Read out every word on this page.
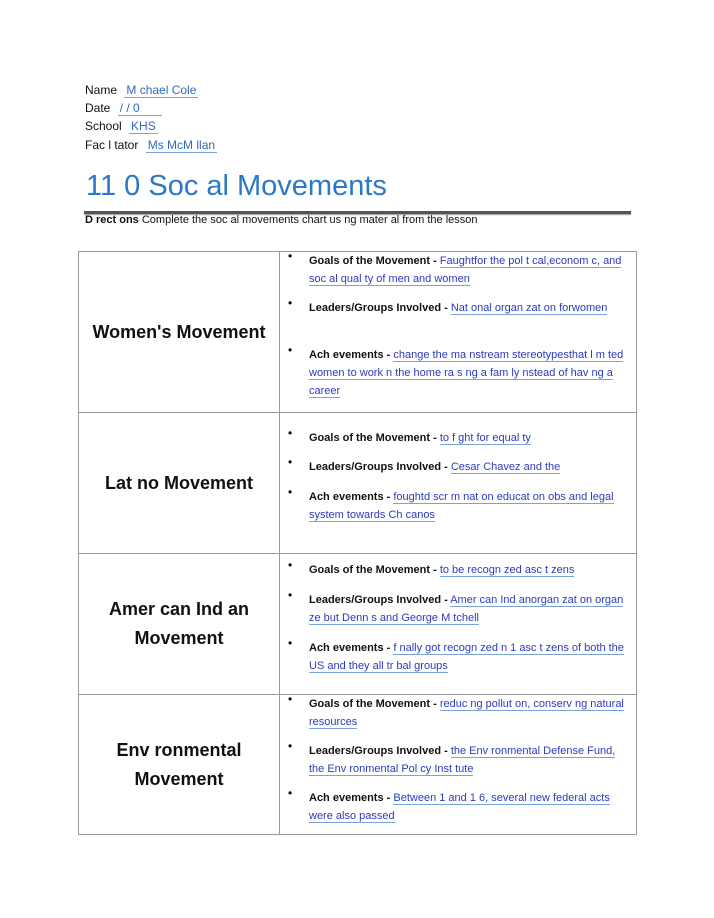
Name M chael Cole
Date / / 0
School KHS
Fac l tator Ms McM llan
11 0 Soc al Movements
D rect ons Complete the soc al movements chart us ng mater al from the lesson
Women's Movement
• Goals of the Movement - Faughtfor the pol t cal,econom c, and soc al qual ty of men and women
• Leaders/Groups Involved - Nat onal organ zat on forwomen
• Ach evements - change the ma nstream stereotypesthat l m ted women to work n the home ra s ng a fam ly nstead of hav ng a career
Lat no Movement
• Goals of the Movement - to f ght for equal ty
• Leaders/Groups Involved - Cesar Chavez and the
• Ach evements - foughtd scr m nat on educat on obs and legal system towards Ch canos
Amer can Ind an
Movement
• Goals of the Movement - to be recogn zed asc t zens
• Leaders/Groups Involved - Amer can Ind anorgan zat on organ ze but Denn s and George M tchell
• Ach evements - f nally got recogn zed n 1 asc t zens of both the US and they all tr bal groups
Env ronmental
Movement
• Goals of the Movement - reduc ng pollut on, conserv ng natural resources
• Leaders/Groups Involved - the Env ronmental Defense Fund, the Env ronmental Pol cy Inst tute
• Ach evements - Between 1 and 1 6, several new federal acts were also passed
